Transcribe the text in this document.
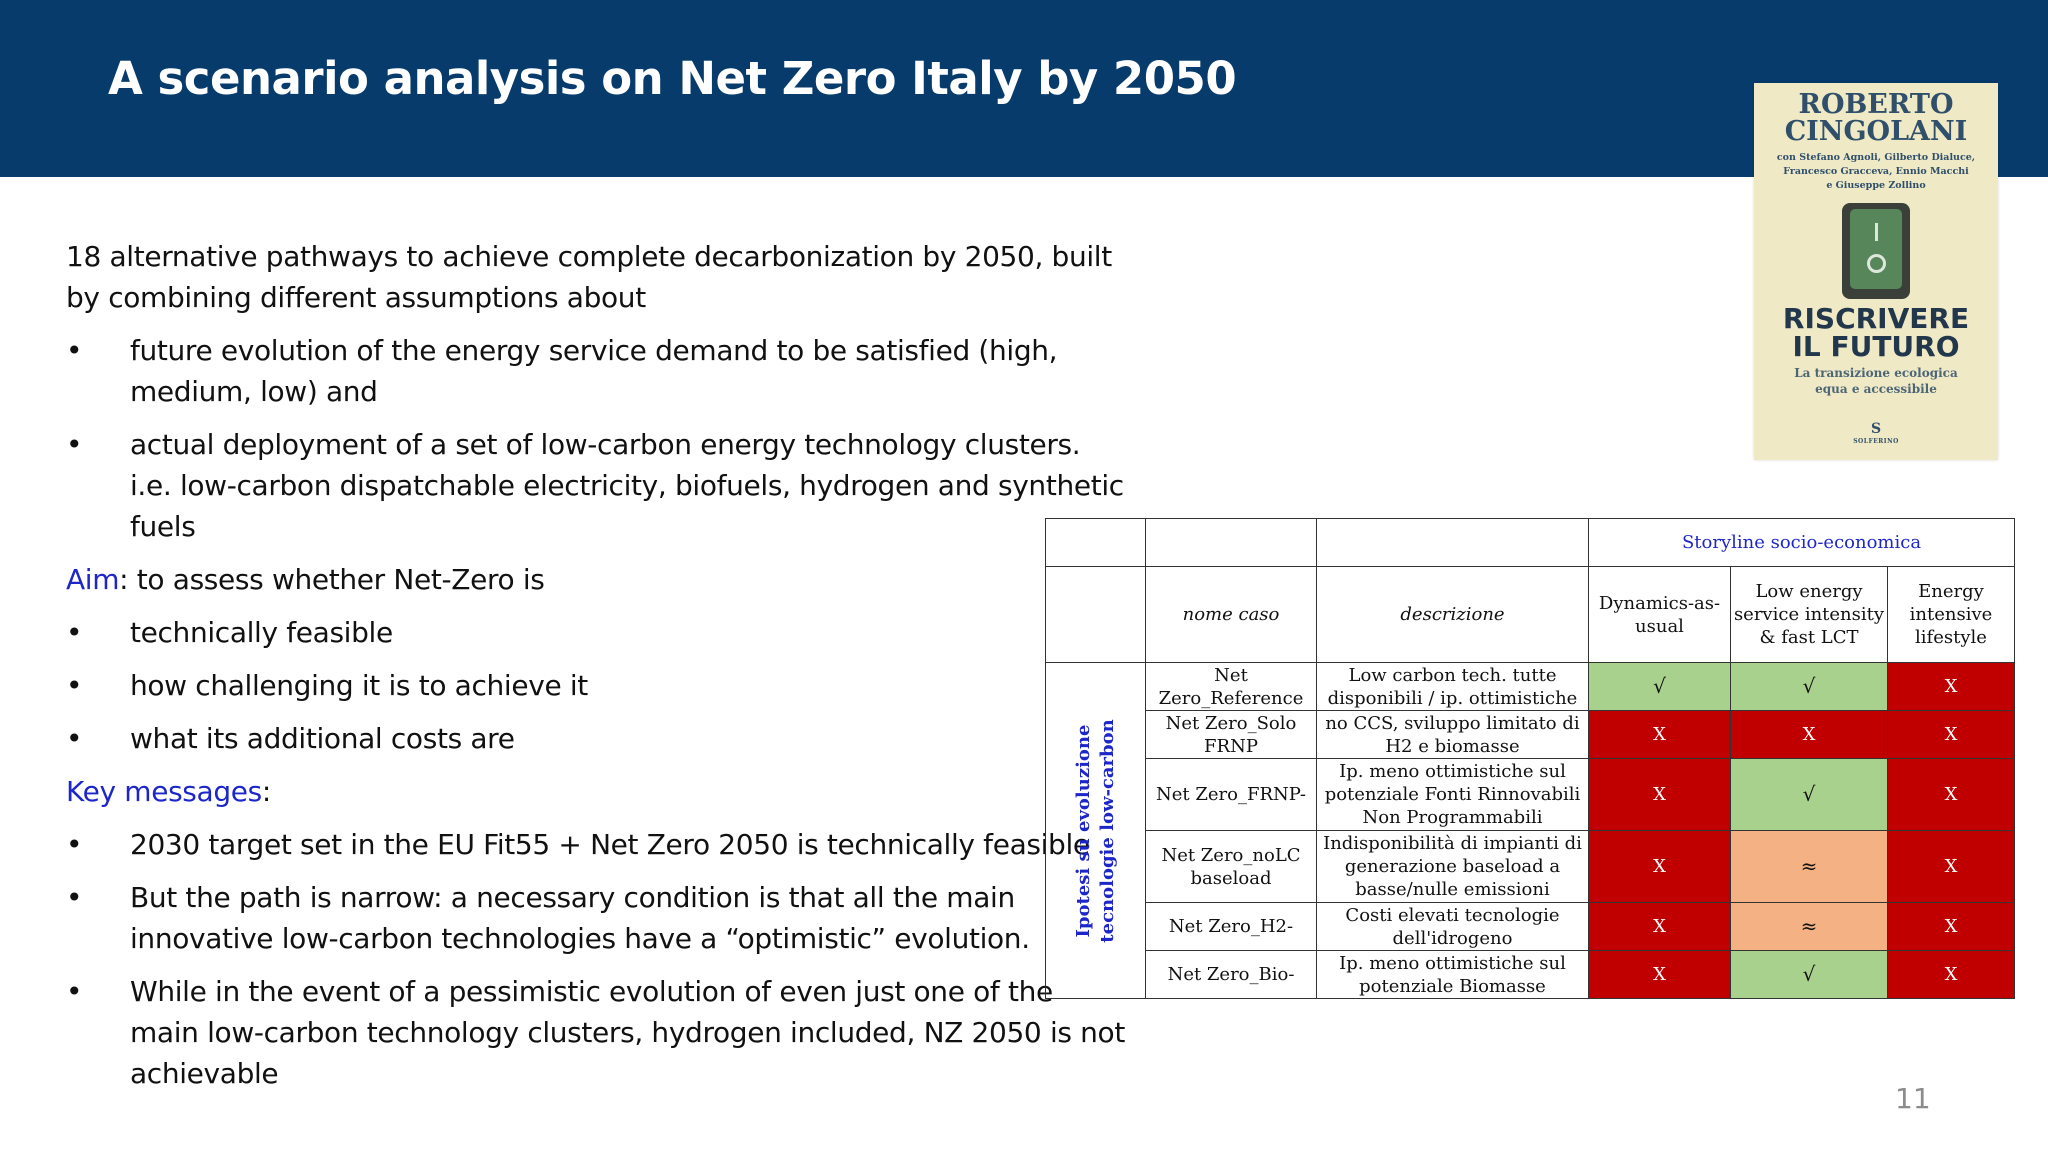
A scenario analysis on Net Zero Italy by 2050	ROBERTO
CINGOLANI
con Stefano Agnoli, Gilberto Dialuce,
Francesco Gracceva, Ennio Macchi
e Giuseppe Zollino
RISCRIVERE
IL FUTURO
La transizione ecologica
equa e accessibile
S
SOLFERINO

18 alternative pathways to achieve complete decarbonization by 2050, built by combining different assumptions about

• future evolution of the energy service demand to be satisfied (high, medium, low) and
• actual deployment of a set of low-carbon energy technology clusters. i.e. low-carbon dispatchable electricity, biofuels, hydrogen and synthetic fuels

Aim: to assess whether Net-Zero is

• technically feasible
• how challenging it is to achieve it
• what its additional costs are

Key messages:

• 2030 target set in the EU Fit55 + Net Zero 2050 is technically feasible
• But the path is narrow: a necessary condition is that all the main innovative low-carbon technologies have a “optimistic” evolution.
• While in the event of a pessimistic evolution of even just one of the main low-carbon technology clusters, hydrogen included, NZ 2050 is not achievable
			Storyline socio-economica		
	nome caso	descrizione	Dynamics-as-usual	Low energy service intensity & fast LCT	Energy intensive lifestyle

Ipotesi su evoluzione tecnologie low-carbon	Net Zero_Reference	Low carbon tech. tutte disponibili / ip. ottimistiche	√	√	X
	Net Zero_Solo FRNP	no CCS, sviluppo limitato di H2 e biomasse	X	X	X
	Net Zero_FRNP-	Ip. meno ottimistiche sul potenziale Fonti Rinnovabili Non Programmabili	X	√	X
	Net Zero_noLC baseload	Indisponibilità di impianti di generazione baseload a basse/nulle emissioni	X	≈	X
	Net Zero_H2-	Costi elevati tecnologie dell'idrogeno	X	≈	X
	Net Zero_Bio-	Ip. meno ottimistiche sul potenziale Biomasse	X	√	X
11
